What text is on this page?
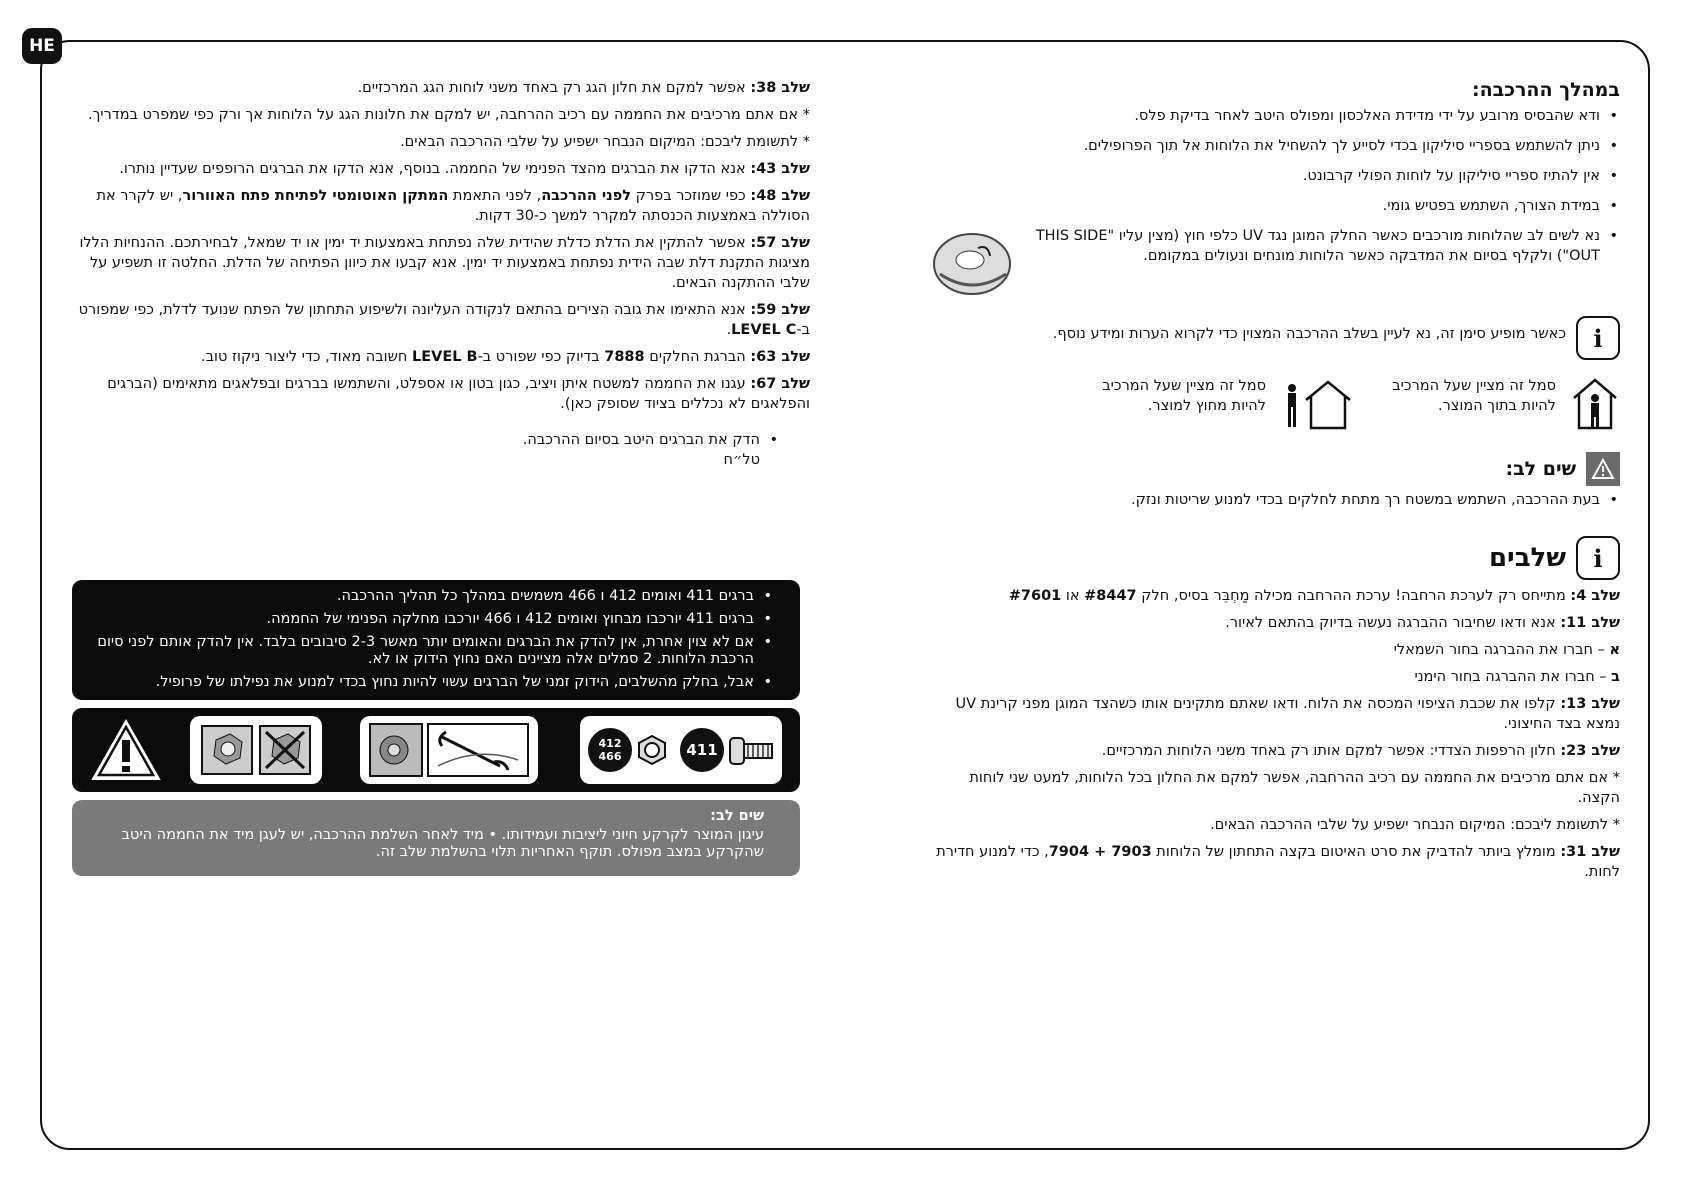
HE
במהלך ההרכבה:
• ודא שהבסיס מרובע על ידי מדידת האלכסון ומפולס היטב לאחר בדיקת פלס.
• ניתן להשתמש בספריי סיליקון בכדי לסייע לך להשחיל את הלוחות אל תוך הפרופילים.
• אין להתיז ספריי סיליקון על לוחות הפולי קרבונט.
• במידת הצורך, השתמש בפטיש גומי.
• נא לשים לב שהלוחות מורכבים כאשר החלק המוגן נגד UV כלפי חוץ (מצין עליו "THIS SIDE OUT") ולקלף בסיום את המדבקה כאשר הלוחות מונחים ונעולים במקומם.
i
כאשר מופיע סימן זה, נא לעיין בשלב ההרכבה המצוין כדי לקרוא הערות ומידע נוסף.
סמל זה מציין שעל המרכיב להיות בתוך המוצר.
סמל זה מציין שעל המרכיב להיות מחוץ למוצר.
שים לב:
• בעת ההרכבה, השתמש במשטח רך מתחת לחלקים בכדי למנוע שריטות ונזק.
i
שלבים

שלב 4: מתייחס רק לערכת הרחבה! ערכת ההרחבה מכילה מַחְבֵּר בסיס, חלק #8447 או #7601

שלב 11: אנא ודאו שחיבור ההברגה נעשה בדיוק בהתאם לאיור.

א – חברו את ההברגה בחור השמאלי

ב – חברו את ההברגה בחור הימני

שלב 13: קלפו את שכבת הציפוי המכסה את הלוח. ודאו שאתם מתקינים אותו כשהצד המוגן מפני קרינת UV נמצא בצד החיצוני.

שלב 23: חלון הרפפות הצדדי: אפשר למקם אותו רק באחד משני הלוחות המרכזיים.

* אם אתם מרכיבים את החממה עם רכיב ההרחבה, אפשר למקם את החלון בכל הלוחות, למעט שני לוחות הקצה.

* לתשומת ליבכם: המיקום הנבחר ישפיע על שלבי ההרכבה הבאים.

שלב 31: מומלץ ביותר להדביק את סרט האיטום בקצה התחתון של הלוחות 7903 + 7904, כדי למנוע חדירת לחות.

שלב 38: אפשר למקם את חלון הגג רק באחד משני לוחות הגג המרכזיים.

* אם אתם מרכיבים את החממה עם רכיב ההרחבה, יש למקם את חלונות הגג על הלוחות אך ורק כפי שמפרט במדריך.

* לתשומת ליבכם: המיקום הנבחר ישפיע על שלבי ההרכבה הבאים.

שלב 43: אנא הדקו את הברגים מהצד הפנימי של החממה. בנוסף, אנא הדקו את הברגים הרופפים שעדיין נותרו.

שלב 48: כפי שמוזכר בפרק לפני ההרכבה, לפני התאמת המתקן האוטומטי לפתיחת פתח האוורור, יש לקרר את הסוללה באמצעות הכנסתה למקרר למשך כ-30 דקות.

שלב 57: אפשר להתקין את הדלת כדלת שהידית שלה נפתחת באמצעות יד ימין או יד שמאל, לבחירתכם. ההנחיות הללו מציגות התקנת דלת שבה הידית נפתחת באמצעות יד ימין. אנא קבעו את כיוון הפתיחה של הדלת. החלטה זו תשפיע על שלבי ההתקנה הבאים.

שלב 59: אנא התאימו את גובה הצירים בהתאם לנקודה העליונה ולשיפוע התחתון של הפתח שנועד לדלת, כפי שמפורט ב-LEVEL C.

שלב 63: הברגת החלקים 7888 בדיוק כפי שפורט ב-LEVEL B חשובה מאוד, כדי ליצור ניקוז טוב.

שלב 67: עגנו את החממה למשטח איתן ויציב, כגון בטון או אספלט, והשתמשו בברגים ובפלאגים מתאימים (הברגים והפלאגים לא נכללים בציוד שסופק כאן).

• הדק את הברגים היטב בסיום ההרכבה.
טל״ח
• ברגים 411 ואומים 412 ו 466 משמשים במהלך כל תהליך ההרכבה.
• ברגים 411 יורכבו מבחוץ ואומים 412 ו 466 יורכבו מחלקה הפנימי של החממה.
• אם לא צוין אחרת, אין להדק את הברגים והאומים יותר מאשר 2-3 סיבובים בלבד. אין להדק אותם לפני סיום הרכבת הלוחות. 2 סמלים אלה מציינים האם נחוץ הידוק או לא.
• אבל, בחלק מהשלבים, הידוק זמני של הברגים עשוי להיות נחוץ בכדי למנוע את נפילתו של פרופיל.
412
466	411
שים לב:
עיגון המוצר לקרקע חיוני ליציבות ועמידותו. • מיד לאחר השלמת ההרכבה, יש לעגן מיד את החממה היטב שהקרקע במצב מפולס. תוקף האחריות תלוי בהשלמת שלב זה.
